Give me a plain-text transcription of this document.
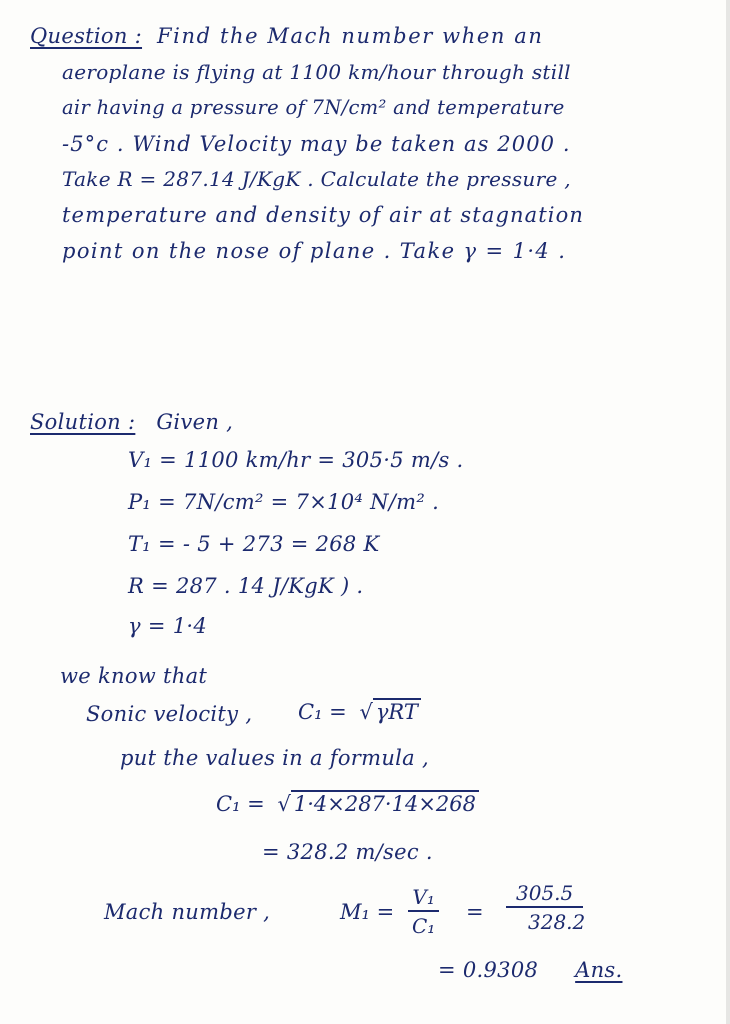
Question : Find the Mach number when an
aeroplane is flying at 1100 km/hour through still
air having a pressure of 7N/cm² and temperature
-5°c . Wind Velocity may be taken as 2000 .
Take R = 287.14 J/KgK . Calculate the pressure ,
temperature and density of air at stagnation
point on the nose of plane . Take γ = 1·4 .
Solution : Given ,
V₁ = 1100 km/hr = 305·5 m/s .
P₁ = 7N/cm² = 7×10⁴ N/m² .
T₁ = - 5 + 273 = 268 K
R = 287 . 14 J/KgK ) .
γ = 1·4
we know that
Sonic velocity , C₁ = √ γRT
put the values in a formula ,
C₁ = √ 1·4×287·14×268
= 328.2 m/sec .
Mach number ,	$M_1 = \frac{\text{V₁}}{\text{C₁}} = \frac{305.5}{328.2}$
= 0.9308 Ans.
